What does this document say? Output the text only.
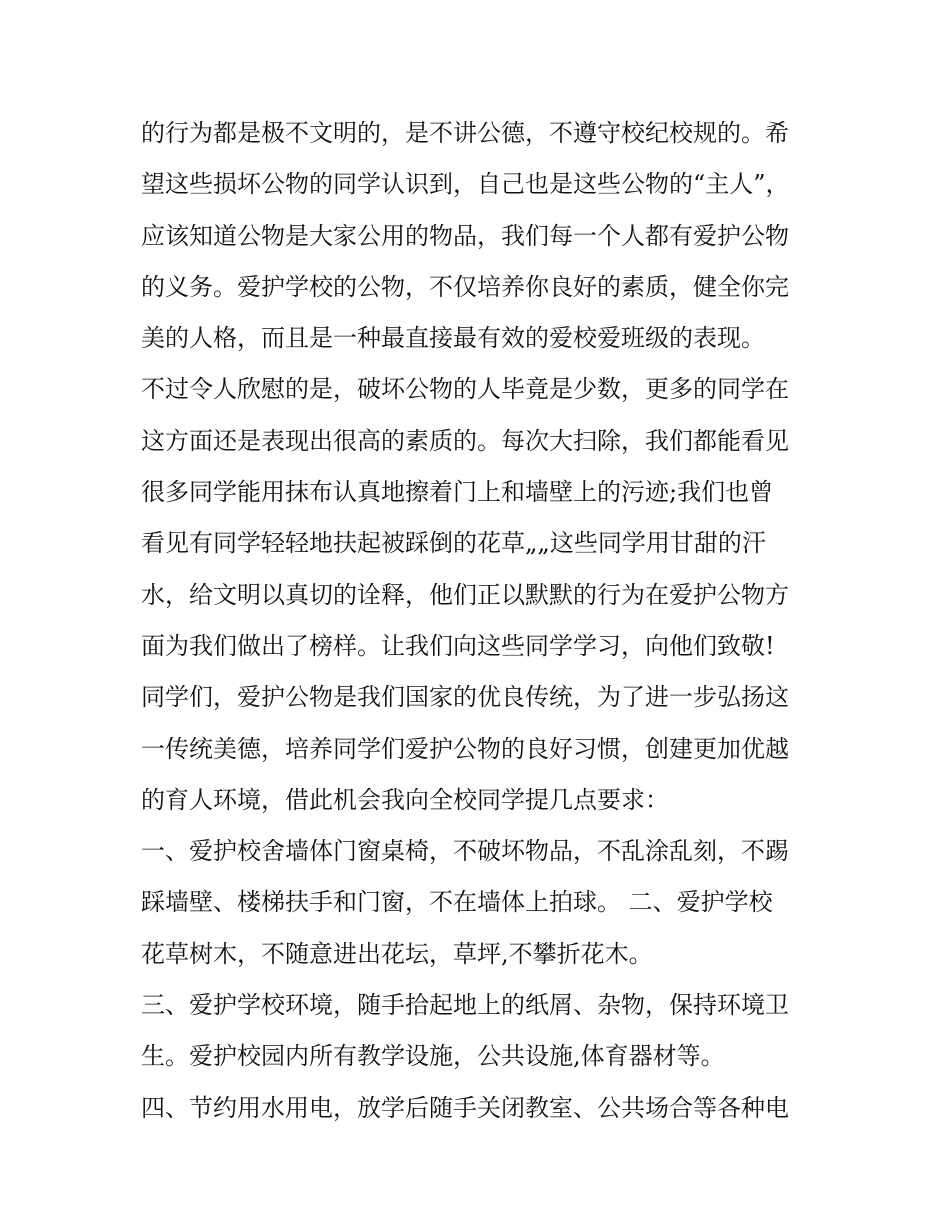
的行为都是极不文明的，是不讲公德，不遵守校纪校规的。希
望这些损坏公物的同学认识到，自己也是这些公物的“主人”，
应该知道公物是大家公用的物品，我们每一个人都有爱护公物
的义务。爱护学校的公物，不仅培养你良好的素质，健全你完
美的人格，而且是一种最直接最有效的爱校爱班级的表现。
不过令人欣慰的是，破坏公物的人毕竟是少数，更多的同学在
这方面还是表现出很高的素质的。每次大扫除，我们都能看见
很多同学能用抹布认真地擦着门上和墙壁上的污迹;我们也曾
看见有同学轻轻地扶起被踩倒的花草„„这些同学用甘甜的汗
水，给文明以真切的诠释，他们正以默默的行为在爱护公物方
面为我们做出了榜样。让我们向这些同学学习，向他们致敬!
同学们，爱护公物是我们国家的优良传统，为了进一步弘扬这
一传统美德，培养同学们爱护公物的良好习惯，创建更加优越
的育人环境，借此机会我向全校同学提几点要求：
一、爱护校舍墙体门窗桌椅，不破坏物品，不乱涂乱刻，不踢
踩墙壁、楼梯扶手和门窗，不在墙体上拍球。 二、爱护学校
花草树木，不随意进出花坛，草坪,不攀折花木。
三、爱护学校环境，随手拾起地上的纸屑、杂物，保持环境卫
生。爱护校园内所有教学设施，公共设施,体育器材等。
四、节约用水用电，放学后随手关闭教室、公共场合等各种电
